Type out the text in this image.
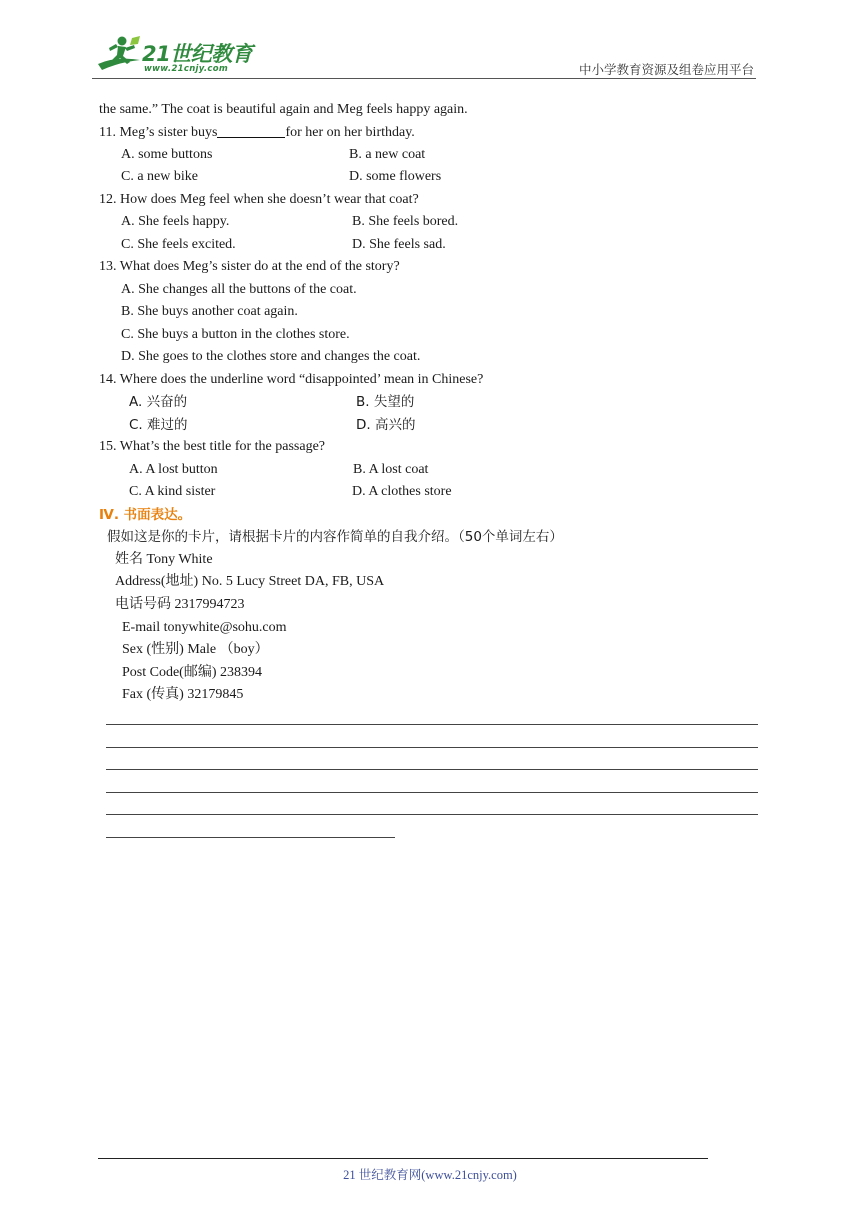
21世纪教育
www.21cnjy.com	中小学教育资源及组卷应用平台
the same.” The coat is beautiful again and Meg feels happy again.
11. Meg’s sister buys	for her on her birthday.
A. some buttons	B. a new coat
C. a new bike	D. some flowers
12. How does Meg feel when she doesn’t wear that coat?
A. She feels happy.	B. She feels bored.
C. She feels excited.	D. She feels sad.
13. What does Meg’s sister do at the end of the story?
A. She changes all the buttons of the coat.
B. She buys another coat again.
C. She buys a button in the clothes store.
D. She goes to the clothes store and changes the coat.
14. Where does the underline word “disappointed’ mean in Chinese?
A. 兴奋的	B. 失望的
C. 难过的	D. 高兴的
15. What’s the best title for the passage?
A. A lost button	B. A lost coat
C. A kind sister	D. A clothes store
Ⅳ. 书面表达。
假如这是你的卡片，请根据卡片的内容作简单的自我介绍。（50个单词左右）
姓名 Tony White
Address(地址) No. 5 Lucy Street DA, FB, USA
电话号码 2317994723
E-mail tonywhite@sohu.com
Sex (性别) Male （boy）
Post Code(邮编) 238394
Fax (传真) 32179845
21 世纪教育网(www.21cnjy.com)
